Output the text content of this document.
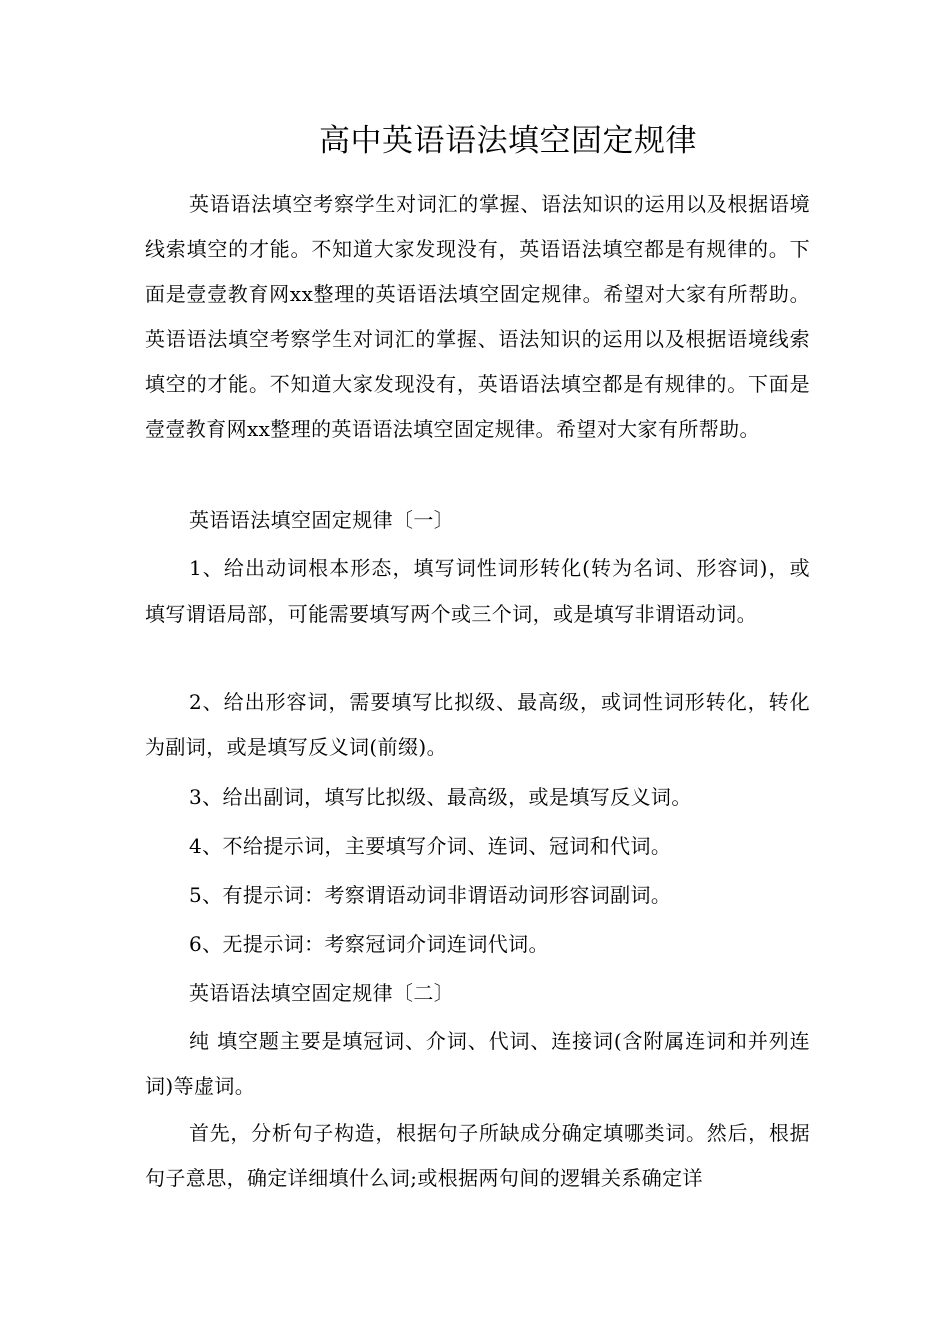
高中英语语法填空固定规律

英语语法填空考察学生对词汇的掌握、语法知识的运用以及根据语境线索填空的才能。不知道大家发现没有，英语语法填空都是有规律的。下面是壹壹教育网xx整理的英语语法填空固定规律。希望对大家有所帮助。英语语法填空考察学生对词汇的掌握、语法知识的运用以及根据语境线索填空的才能。不知道大家发现没有，英语语法填空都是有规律的。下面是壹壹教育网xx整理的英语语法填空固定规律。希望对大家有所帮助。

英语语法填空固定规律〔一〕

1、给出动词根本形态，填写词性词形转化(转为名词、形容词)，或填写谓语局部，可能需要填写两个或三个词，或是填写非谓语动词。

2、给出形容词，需要填写比拟级、最高级，或词性词形转化，转化为副词，或是填写反义词(前缀)。

3、给出副词，填写比拟级、最高级，或是填写反义词。

4、不给提示词，主要填写介词、连词、冠词和代词。

5、有提示词：考察谓语动词非谓语动词形容词副词。

6、无提示词：考察冠词介词连词代词。

英语语法填空固定规律〔二〕

纯 填空题主要是填冠词、介词、代词、连接词(含附属连词和并列连词)等虚词。

首先，分析句子构造，根据句子所缺成分确定填哪类词。然后，根据句子意思，确定详细填什么词;或根据两句间的逻辑关系确定详
